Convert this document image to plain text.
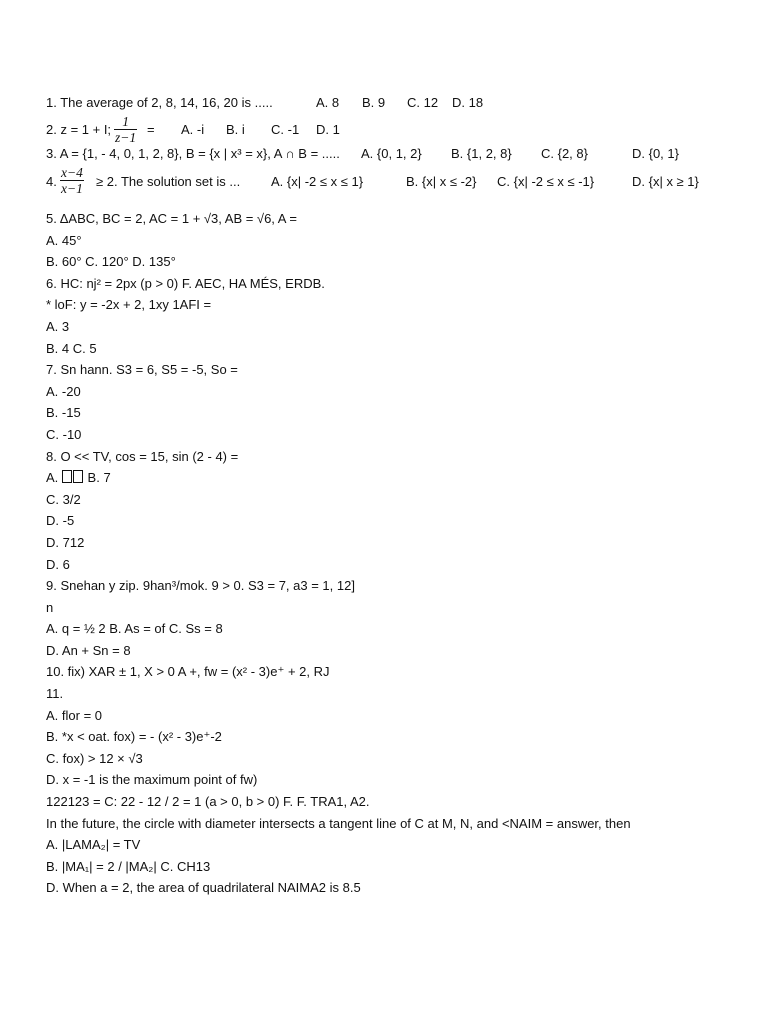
1. The average of 2, 8, 14, 16, 20 is .....	A. 8 B. 9 C. 12 D. 18
2. z = 1 + I;
1
z−1
= A. -i B. i C. -1 D. 1
3. A = {1, - 4, 0, 1, 2, 8}, B = {x | x³ = x}, A ∩ B = ..... A. {0, 1, 2} B. {1, 2, 8} C. {2, 8}	D. {0, 1}
4.
x−4
x−1 ≥ 2. The solution set is ... A. {x| -2 ≤ x ≤ 1}	B. {x| x ≤ -2} C. {x| -2 ≤ x ≤ -1}	D. {x| x ≥ 1}
5. ΔABC, BC = 2, AC = 1 + √3, AB = √6, A =
A. 45°
B. 60° C. 120° D. 135°
6. HC: nj² = 2px (p > 0) F. AEC, HA MÉS, ERDB.
* loF: y = -2x + 2, 1xy 1AFI =
A. 3
B. 4 C. 5
7. Sn hann. S3 = 6, S5 = -5, So =
A. -20
B. -15
C. -10
8. O << TV, cos = 15, sin (2 - 4) =
A. B. 7
C. 3/2
D. -5
D. 712
D. 6
9. Snehan y zip. 9han³/mok. 9 > 0. S3 = 7, a3 = 1, 12]
n
A. q = ½ 2 B. As = of C. Ss = 8
D. An + Sn = 8
10. fix) XAR ± 1, X > 0 A +, fw = (x² - 3)e⁺ + 2, RJ
11.
A. flor = 0
B. *x < oat. fox) = - (x² - 3)e⁺-2
C. fox) > 12 × √3
D. x = -1 is the maximum point of fw)
122123 = C: 22 - 12 / 2 = 1 (a > 0, b > 0) F. F. TRA1, A2.
In the future, the circle with diameter intersects a tangent line of C at M, N, and <NAIM = answer, then
A. |LAMA₂| = TV
B. |MA₁| = 2 / |MA₂| C. CH13
D. When a = 2, the area of quadrilateral NAIMA2 is 8.5
